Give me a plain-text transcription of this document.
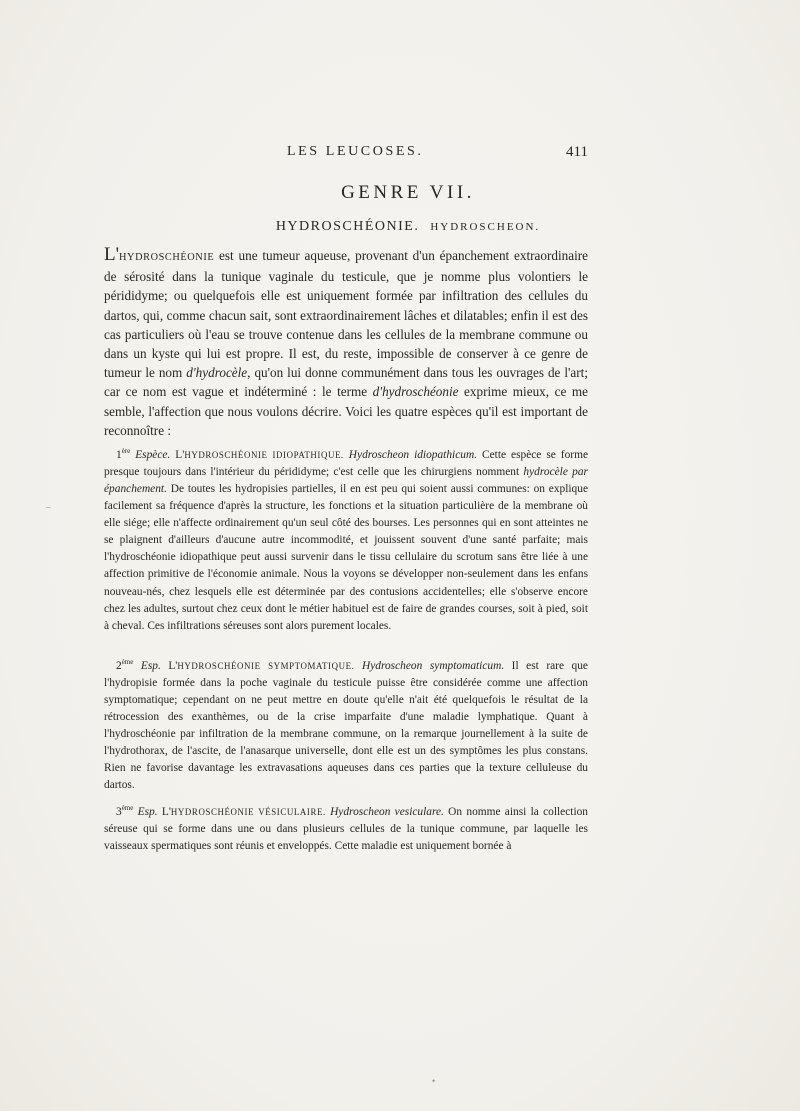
LES LEUCOSES.	411
GENRE VII.
HYDROSCHÉONIE. HYDROSCHEON.
L'HYDROSCHÉONIE est une tumeur aqueuse, provenant d'un épanchement extraordinaire de sérosité dans la tunique vaginale du testicule, que je nomme plus volontiers le pérididyme; ou quelquefois elle est uniquement formée par infiltration des cellules du dartos, qui, comme chacun sait, sont extraordinairement lâches et dilatables; enfin il est des cas particuliers où l'eau se trouve contenue dans les cellules de la membrane commune ou dans un kyste qui lui est propre. Il est, du reste, impossible de conserver à ce genre de tumeur le nom d'hydrocèle, qu'on lui donne communément dans tous les ouvrages de l'art; car ce nom est vague et indéterminé : le terme d'hydroschéonie exprime mieux, ce me semble, l'affection que nous voulons décrire. Voici les quatre espèces qu'il est important de reconnoître :
1ère Espèce. L'HYDROSCHÉONIE IDIOPATHIQUE. Hydroscheon idiopathicum. Cette espèce se forme presque toujours dans l'intérieur du pérididyme; c'est celle que les chirurgiens nomment hydrocèle par épanchement. De toutes les hydropisies partielles, il en est peu qui soient aussi communes: on explique facilement sa fréquence d'après la structure, les fonctions et la situation particulière de la membrane où elle siége; elle n'affecte ordinairement qu'un seul côté des bourses. Les personnes qui en sont atteintes ne se plaignent d'ailleurs d'aucune autre incommodité, et jouissent souvent d'une santé parfaite; mais l'hydroschéonie idiopathique peut aussi survenir dans le tissu cellulaire du scrotum sans être liée à une affection primitive de l'économie animale. Nous la voyons se développer non-seulement dans les enfans nouveau-nés, chez lesquels elle est déterminée par des contusions accidentelles; elle s'observe encore chez les adultes, surtout chez ceux dont le métier habituel est de faire de grandes courses, soit à pied, soit à cheval. Ces infiltrations séreuses sont alors purement locales.
2ème Esp. L'HYDROSCHÉONIE SYMPTOMATIQUE. Hydroscheon symptomaticum. Il est rare que l'hydropisie formée dans la poche vaginale du testicule puisse être considérée comme une affection symptomatique; cependant on ne peut mettre en doute qu'elle n'ait été quelquefois le résultat de la rétrocession des exanthèmes, ou de la crise imparfaite d'une maladie lymphatique. Quant à l'hydroschéonie par infiltration de la membrane commune, on la remarque journellement à la suite de l'hydrothorax, de l'ascite, de l'anasarque universelle, dont elle est un des symptômes les plus constans. Rien ne favorise davantage les extravasations aqueuses dans ces parties que la texture celluleuse du dartos.
3ème Esp. L'HYDROSCHÉONIE VÉSICULAIRE. Hydroscheon vesiculare. On nomme ainsi la collection séreuse qui se forme dans une ou dans plusieurs cellules de la tunique commune, par laquelle les vaisseaux spermatiques sont réunis et enveloppés. Cette maladie est uniquement bornée à
–
•
